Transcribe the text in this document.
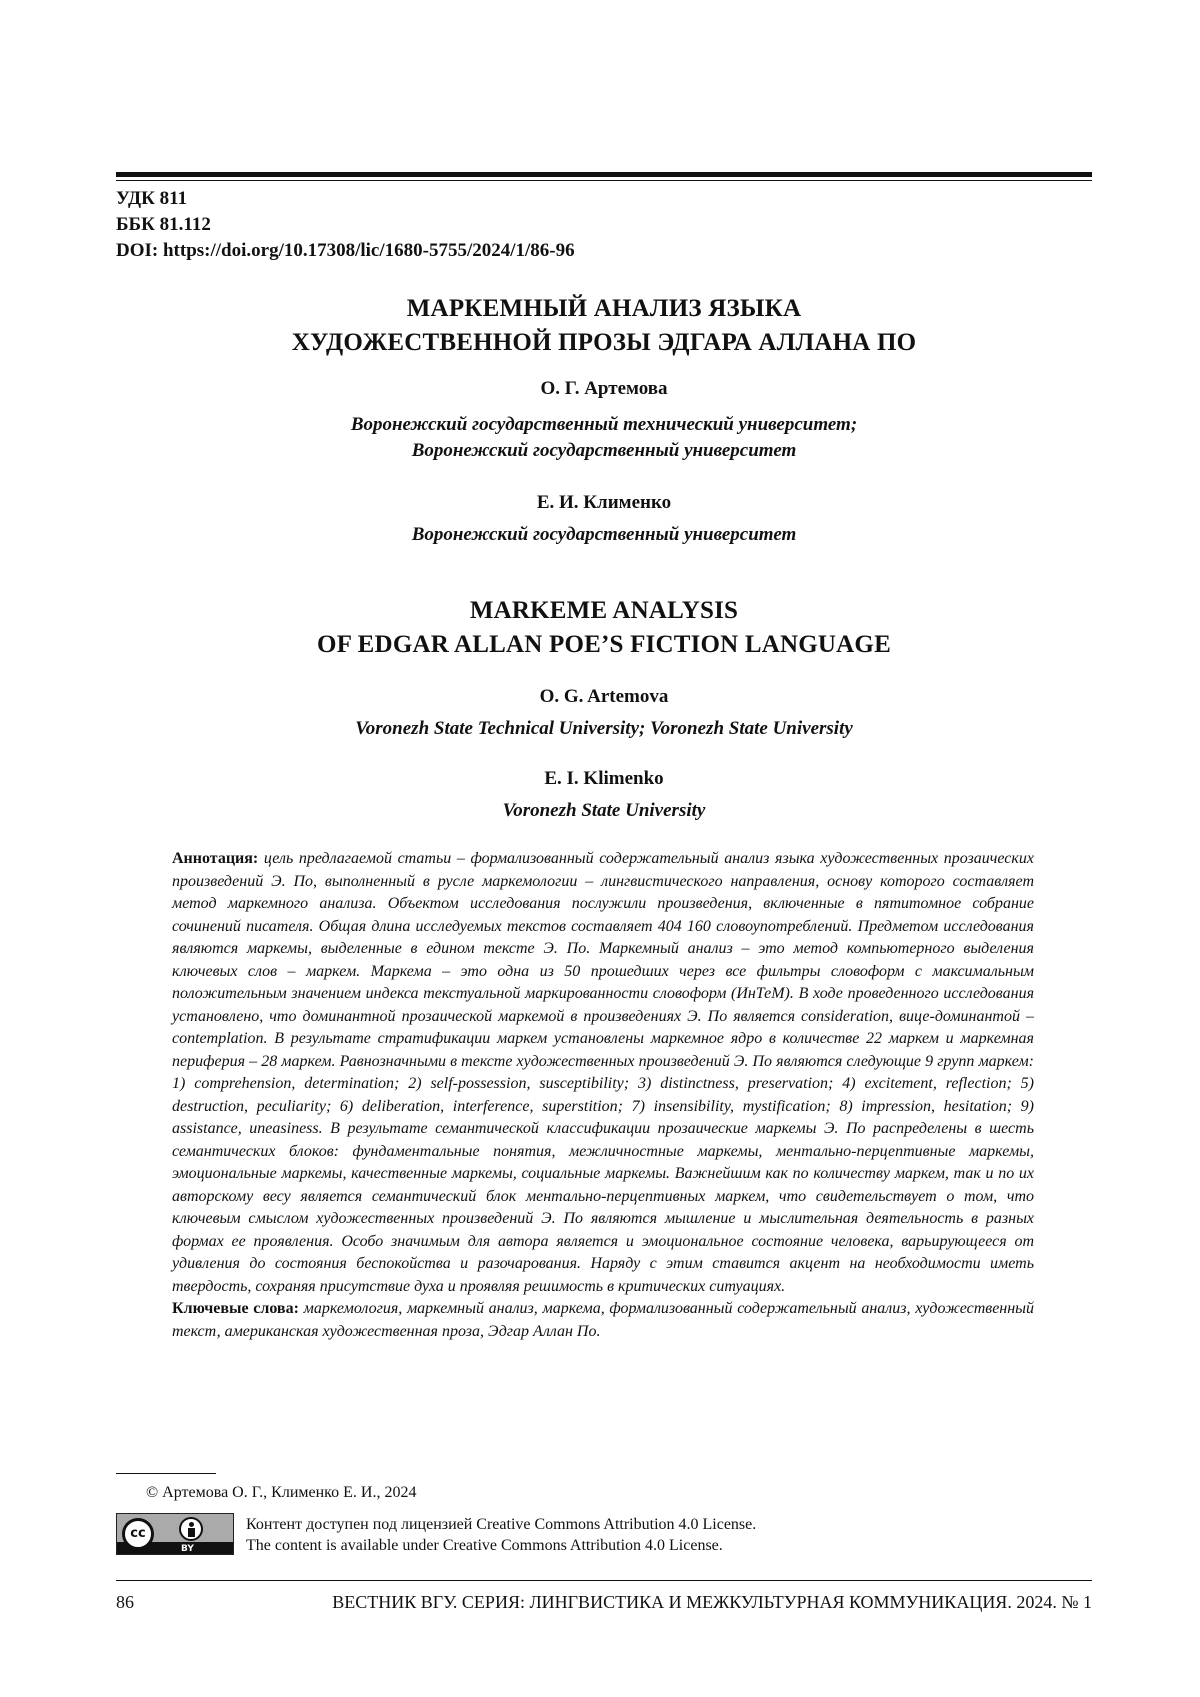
УДК 811
ББК 81.112
DOI: https://doi.org/10.17308/lic/1680-5755/2024/1/86-96
МАРКЕМНЫЙ АНАЛИЗ ЯЗЫКА
ХУДОЖЕСТВЕННОЙ ПРОЗЫ ЭДГАРА АЛЛАНА ПО
О. Г. Артемова
Воронежский государственный технический университет;
Воронежский государственный университет
Е. И. Клименко
Воронежский государственный университет
MARKEME ANALYSIS
OF EDGAR ALLAN POE’S FICTION LANGUAGE
O. G. Artemova
Voronezh State Technical University; Voronezh State University
E. I. Klimenko
Voronezh State University
Аннотация: цель предлагаемой статьи – формализованный содержательный анализ языка художественных прозаических произведений Э. По, выполненный в русле маркемологии – лингвистического направления, основу которого составляет метод маркемного анализа. Объектом исследования послужили произведения, включенные в пятитомное собрание сочинений писателя. Общая длина исследуемых текстов составляет 404 160 словоупотреблений. Предметом исследования являются маркемы, выделенные в едином тексте Э. По. Маркемный анализ – это метод компьютерного выделения ключевых слов – маркем. Маркема – это одна из 50 прошедших через все фильтры словоформ с максимальным положительным значением индекса текстуальной маркированности словоформ (ИнТеМ). В ходе проведенного исследования установлено, что доминантной прозаической маркемой в произведениях Э. По является consideration, вице-доминантой – contemplation. В результате стратификации маркем установлены маркемное ядро в количестве 22 маркем и маркемная периферия – 28 маркем. Равнозначными в тексте художественных произведений Э. По являются следующие 9 групп маркем: 1) comprehension, determination; 2) self-possession, susceptibility; 3) distinctness, preservation; 4) excitement, reflection; 5) destruction, peculiarity; 6) deliberation, interference, superstition; 7) insensibility, mystification; 8) impression, hesitation; 9) assistance, uneasiness. В результате семантической классификации прозаические маркемы Э. По распределены в шесть семантических блоков: фундаментальные понятия, межличностные маркемы, ментально-перцептивные маркемы, эмоциональные маркемы, качественные маркемы, социальные маркемы. Важнейшим как по количеству маркем, так и по их авторскому весу является семантический блок ментально-перцептивных маркем, что свидетельствует о том, что ключевым смыслом художественных произведений Э. По являются мышление и мыслительная деятельность в разных формах ее проявления. Особо значимым для автора является и эмоциональное состояние человека, варьирующееся от удивления до состояния беспокойства и разочарования. Наряду с этим ставится акцент на необходимости иметь твердость, сохраняя присутствие духа и проявляя решимость в критических ситуациях.
Ключевые слова: маркемология, маркемный анализ, маркема, формализованный содержательный анализ, художественный текст, американская художественная проза, Эдгар Аллан По.
© Артемова О. Г., Клименко Е. И., 2024
cc
BY
Контент доступен под лицензией Creative Commons Attribution 4.0 License.
The content is available under Creative Commons Attribution 4.0 License.
86	ВЕСТНИК ВГУ. СЕРИЯ: ЛИНГВИСТИКА И МЕЖКУЛЬТУРНАЯ КОММУНИКАЦИЯ. 2024. № 1
